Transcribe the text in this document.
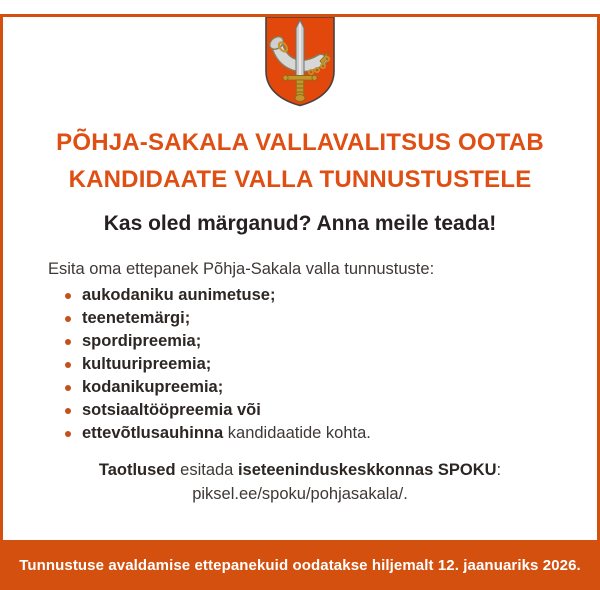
PÕHJA-SAKALA VALLAVALITSUS OOTAB
KANDIDAATE VALLA TUNNUSTUSTELE
Kas oled märganud? Anna meile teada!

Esita oma ettepanek Põhja-Sakala valla tunnustuste:

aukodaniku aunimetuse;
teenetemärgi;
spordipreemia;
kultuuripreemia;
kodanikupreemia;
sotsiaaltööpreemia või
ettevõtlusauhinna kandidaatide kohta.

Taotlused esitada iseteeninduskeskkonnas SPOKU:
piksel.ee/spoku/pohjasakala/.

Tunnustuse avaldamise ettepanekuid oodatakse hiljemalt 12. jaanuariks 2026.
